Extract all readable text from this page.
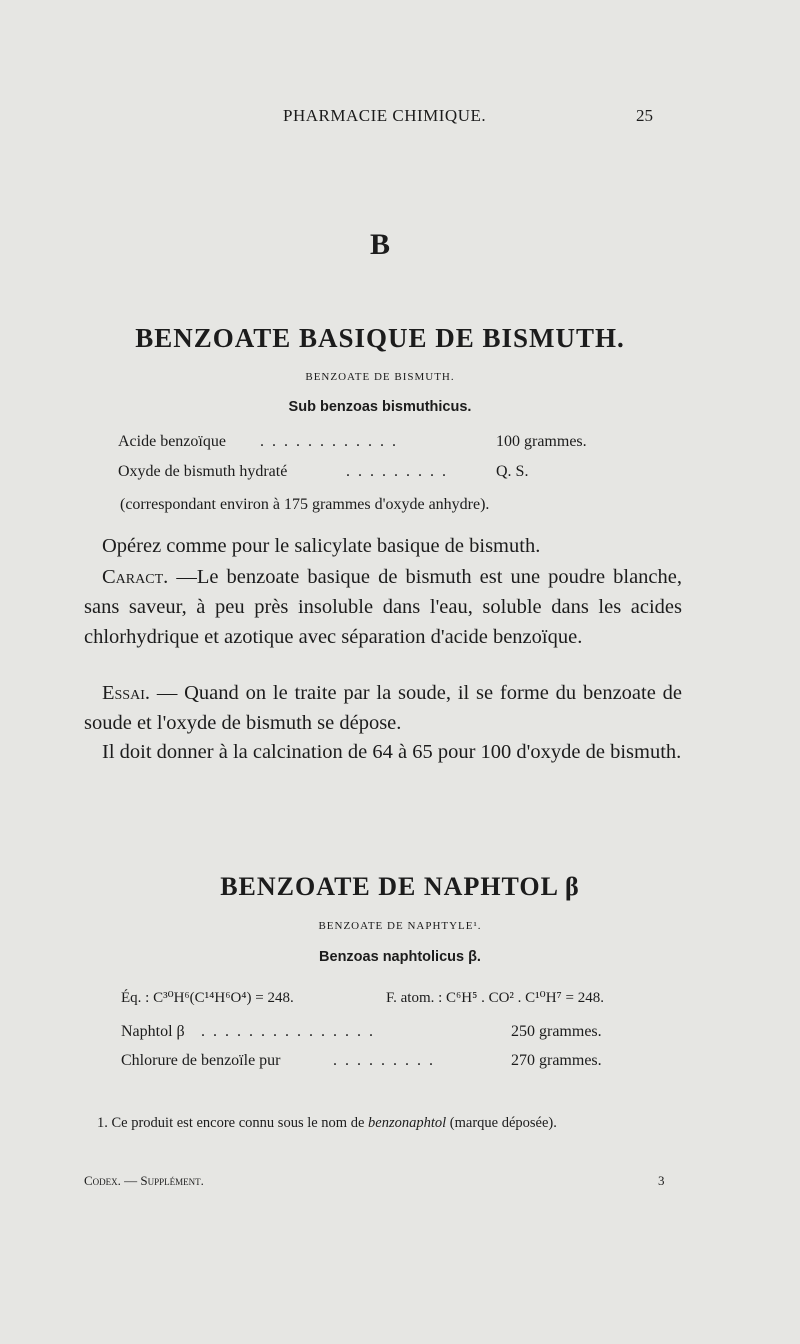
PHARMACIE CHIMIQUE.	25
B
BENZOATE BASIQUE DE BISMUTH.
BENZOATE DE BISMUTH.
Sub benzoas bismuthicus.
Acide benzoïque . . . . . . . . . . . .	100 grammes.
Oxyde de bismuth hydraté	. . . . . . . . .	Q. S.
(correspondant environ à 175 grammes d'oxyde anhydre).
Opérez comme pour le salicylate basique de bismuth.
Caract. —Le benzoate basique de bismuth est une poudre blanche, sans saveur, à peu près insoluble dans l'eau, soluble dans les acides chlorhydrique et azotique avec séparation d'acide benzoïque.
Essai. — Quand on le traite par la soude, il se forme du benzoate de soude et l'oxyde de bismuth se dépose.
Il doit donner à la calcination de 64 à 65 pour 100 d'oxyde de bismuth.
BENZOATE DE NAPHTOL β
BENZOATE DE NAPHTYLE¹.
Benzoas naphtolicus β.
Éq. : C³⁰H⁶(C¹⁴H⁶O⁴) = 248.	F. atom. : C⁶H⁵ . CO² . C¹⁰H⁷ = 248.
Naphtol β . . . . . . . . . . . . . . .	250 grammes.
Chlorure de benzoïle pur	. . . . . . . . .	270 grammes.
1. Ce produit est encore connu sous le nom de benzonaphtol (marque déposée).
Codex. — Supplément.	3
